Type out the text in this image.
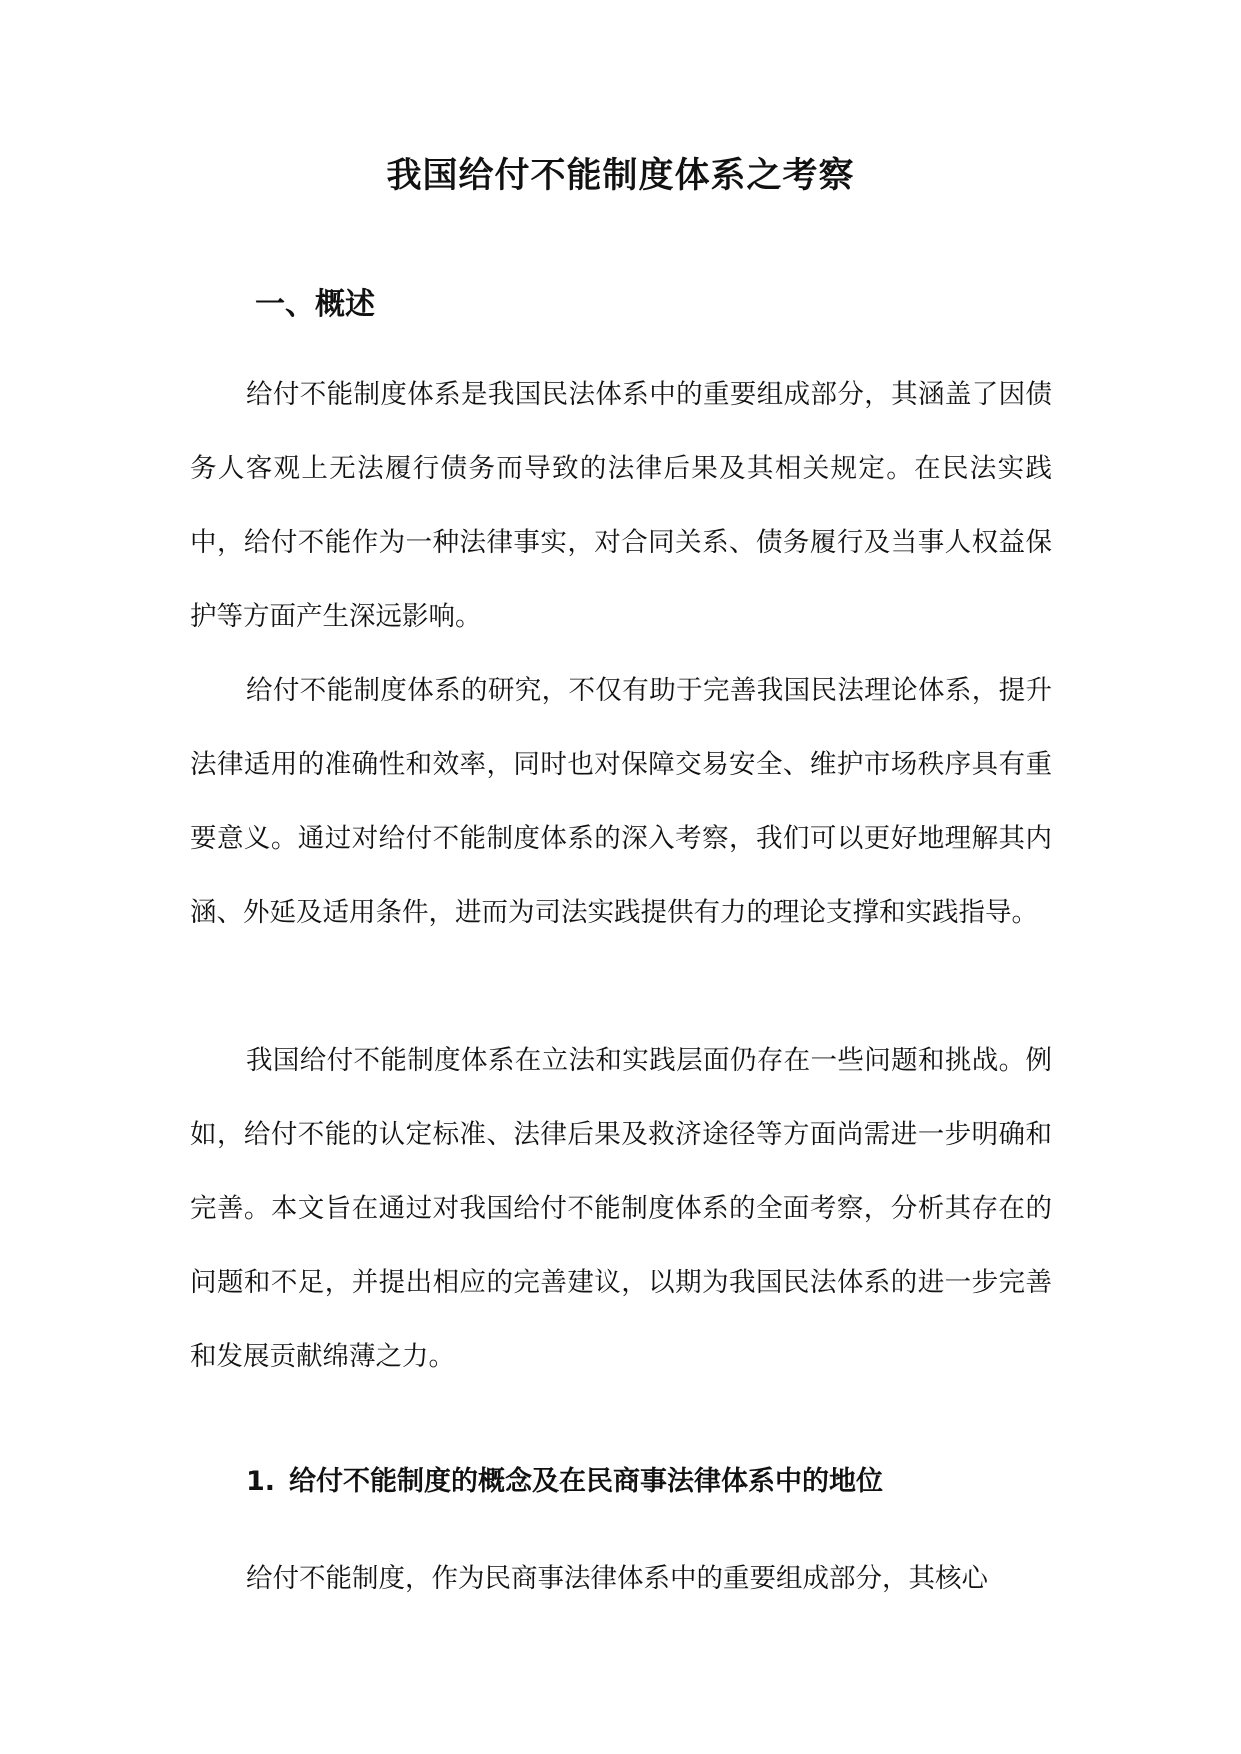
我国给付不能制度体系之考察
一、概述

给付不能制度体系是我国民法体系中的重要组成部分，其涵盖了因债务人客观上无法履行债务而导致的法律后果及其相关规定。在民法实践中，给付不能作为一种法律事实，对合同关系、债务履行及当事人权益保护等方面产生深远影响。

给付不能制度体系的研究，不仅有助于完善我国民法理论体系，提升法律适用的准确性和效率，同时也对保障交易安全、维护市场秩序具有重要意义。通过对给付不能制度体系的深入考察，我们可以更好地理解其内涵、外延及适用条件，进而为司法实践提供有力的理论支撑和实践指导。

我国给付不能制度体系在立法和实践层面仍存在一些问题和挑战。例如，给付不能的认定标准、法律后果及救济途径等方面尚需进一步明确和完善。本文旨在通过对我国给付不能制度体系的全面考察，分析其存在的问题和不足，并提出相应的完善建议，以期为我国民法体系的进一步完善和发展贡献绵薄之力。

1. 给付不能制度的概念及在民商事法律体系中的地位

给付不能制度，作为民商事法律体系中的重要组成部分，其核心
